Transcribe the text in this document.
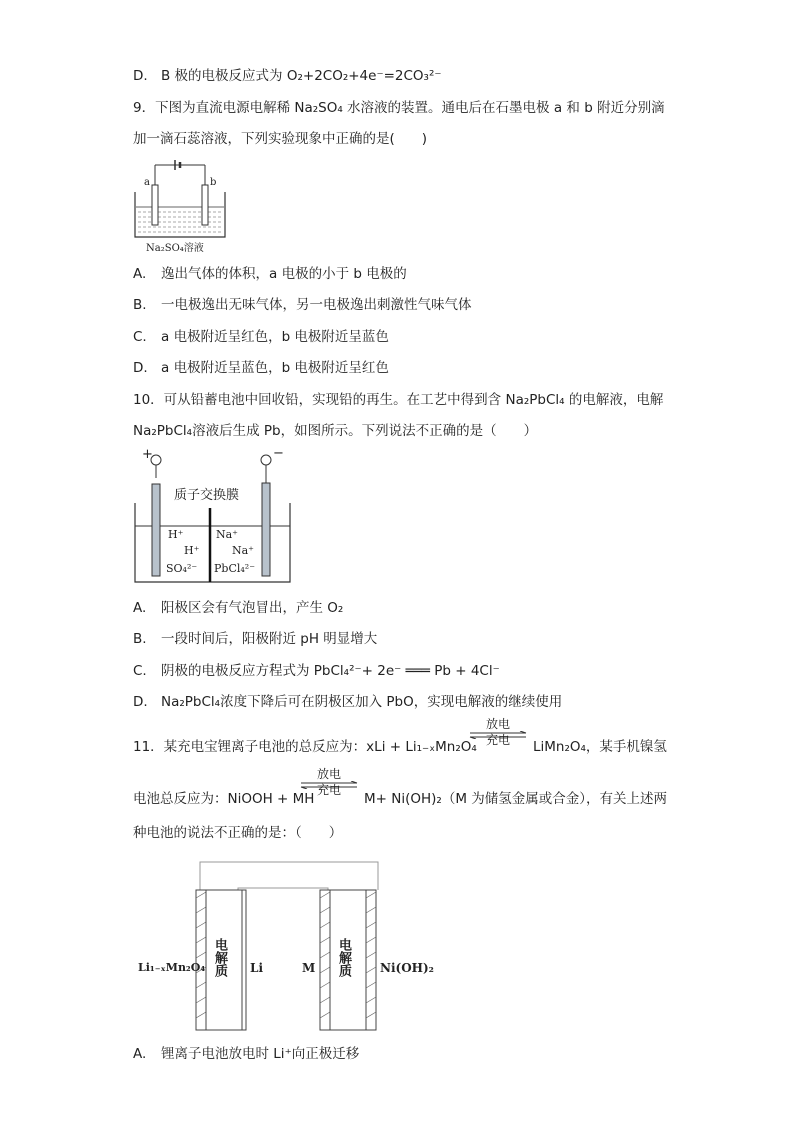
D. B 极的电极反应式为 O₂+2CO₂+4e⁻=2CO₃²⁻
9．下图为直流电源电解稀 Na₂SO₄ 水溶液的装置。通电后在石墨电极 a 和 b 附近分别滴
加一滴石蕊溶液，下列实验现象中正确的是(　　)
a	b
Na₂SO₄溶液
A. 逸出气体的体积，a 电极的小于 b 电极的
B. 一电极逸出无味气体，另一电极逸出刺激性气味气体
C. a 电极附近呈红色，b 电极附近呈蓝色
D. a 电极附近呈蓝色，b 电极附近呈红色
10．可从铅蓄电池中回收铅，实现铅的再生。在工艺中得到含 Na₂PbCl₄ 的电解液，电解
Na₂PbCl₄溶液后生成 Pb，如图所示。下列说法不正确的是（　　）
+	−
质子交换膜
H⁺
H⁺
SO₄²⁻
Na⁺
Na⁺
PbCl₄²⁻
A. 阳极区会有气泡冒出，产生 O₂
B. 一段时间后，阳极附近 pH 明显增大
C. 阴极的电极反应方程式为 PbCl₄²⁻+ 2e⁻ ═══ Pb + 4Cl⁻
D. Na₂PbCl₄浓度下降后可在阴极区加入 PbO，实现电解液的继续使用
11．某充电宝锂离子电池的总反应为：xLi + Li₁₋ₓMn₂O₄
放电
充电	LiMn₂O₄，某手机镍氢
电池总反应为：NiOOH + MH
放电
充电
M+ Ni(OH)₂（M 为储氢金属或合金），有关上述两
种电池的说法不正确的是：（　　）
Li₁₋ₓMn₂O₄	Li	M	Ni(OH)₂
电解质	电解质
A. 锂离子电池放电时 Li⁺向正极迁移
